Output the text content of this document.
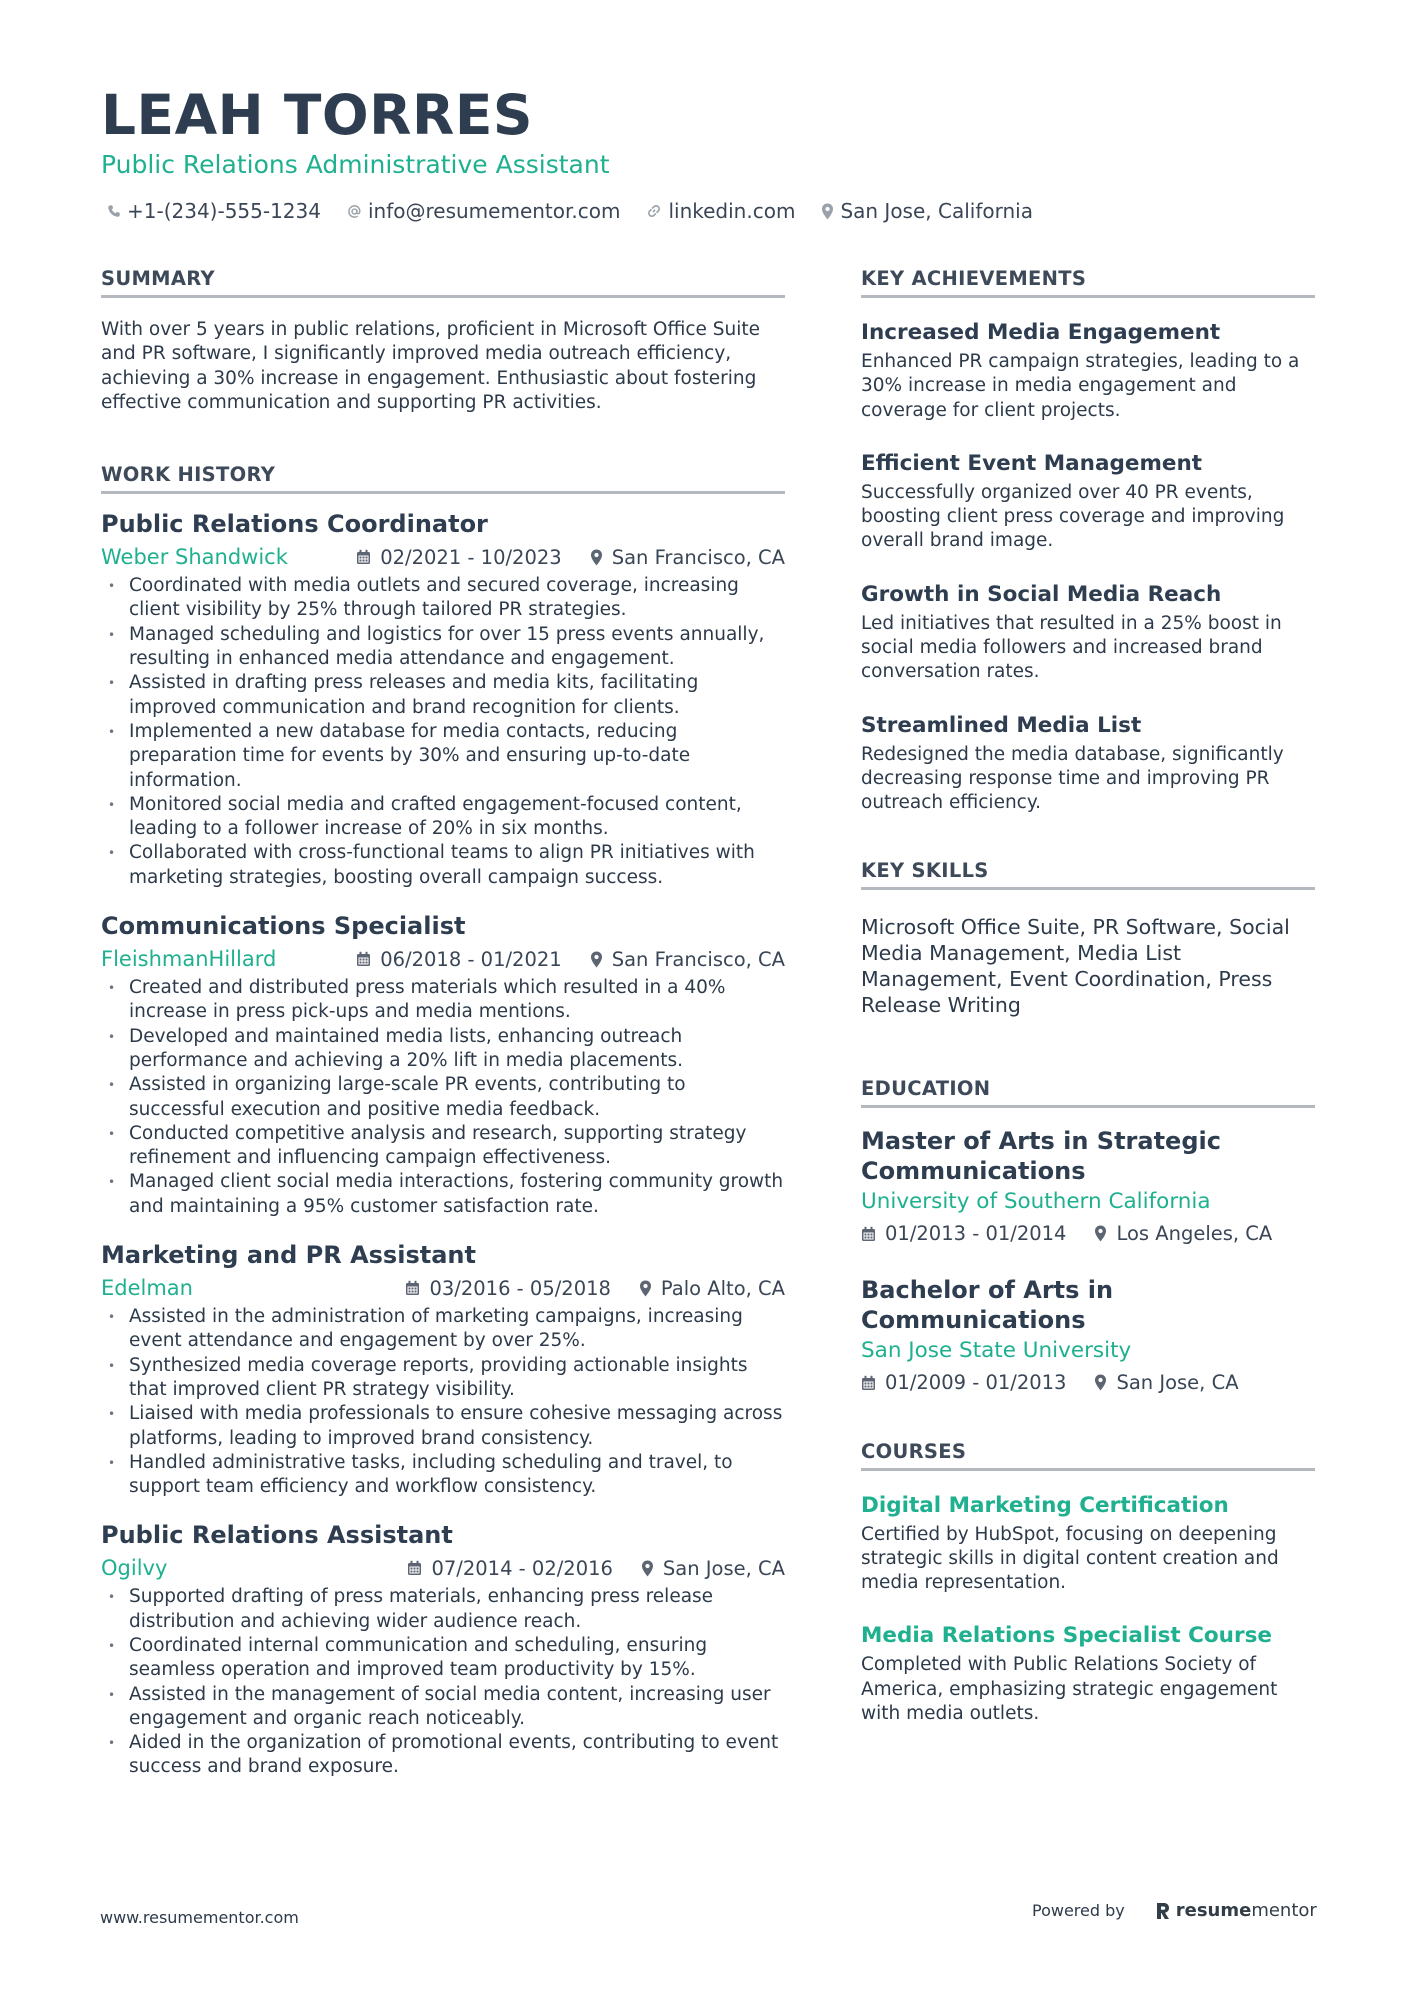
LEAH TORRES
Public Relations Administrative Assistant
+1-(234)-555-1234 info@resumementor.com linkedin.com San Jose, California
SUMMARY

With over 5 years in public relations, proficient in Microsoft Office Suite and PR software, I significantly improved media outreach efficiency, achieving a 30% increase in engagement. Enthusiastic about fostering effective communication and supporting PR activities.

WORK HISTORY
Public Relations Coordinator
Weber Shandwick	02/2021 - 10/2023	San Francisco, CA
• Coordinated with media outlets and secured coverage, increasing client visibility by 25% through tailored PR strategies.
• Managed scheduling and logistics for over 15 press events annually, resulting in enhanced media attendance and engagement.
• Assisted in drafting press releases and media kits, facilitating improved communication and brand recognition for clients.
• Implemented a new database for media contacts, reducing preparation time for events by 30% and ensuring up-to-date information.
• Monitored social media and crafted engagement-focused content, leading to a follower increase of 20% in six months.
• Collaborated with cross-functional teams to align PR initiatives with marketing strategies, boosting overall campaign success.
Communications Specialist
FleishmanHillard	06/2018 - 01/2021	San Francisco, CA
• Created and distributed press materials which resulted in a 40% increase in press pick-ups and media mentions.
• Developed and maintained media lists, enhancing outreach performance and achieving a 20% lift in media placements.
• Assisted in organizing large-scale PR events, contributing to successful execution and positive media feedback.
• Conducted competitive analysis and research, supporting strategy refinement and influencing campaign effectiveness.
• Managed client social media interactions, fostering community growth and maintaining a 95% customer satisfaction rate.
Marketing and PR Assistant
Edelman	03/2016 - 05/2018	Palo Alto, CA
• Assisted in the administration of marketing campaigns, increasing event attendance and engagement by over 25%.
• Synthesized media coverage reports, providing actionable insights that improved client PR strategy visibility.
• Liaised with media professionals to ensure cohesive messaging across platforms, leading to improved brand consistency.
• Handled administrative tasks, including scheduling and travel, to support team efficiency and workflow consistency.
Public Relations Assistant
Ogilvy	07/2014 - 02/2016	San Jose, CA
• Supported drafting of press materials, enhancing press release distribution and achieving wider audience reach.
• Coordinated internal communication and scheduling, ensuring seamless operation and improved team productivity by 15%.
• Assisted in the management of social media content, increasing user engagement and organic reach noticeably.
• Aided in the organization of promotional events, contributing to event success and brand exposure.
KEY ACHIEVEMENTS
Increased Media Engagement

Enhanced PR campaign strategies, leading to a 30% increase in media engagement and coverage for client projects.

Efficient Event Management

Successfully organized over 40 PR events, boosting client press coverage and improving overall brand image.

Growth in Social Media Reach

Led initiatives that resulted in a 25% boost in social media followers and increased brand conversation rates.

Streamlined Media List

Redesigned the media database, significantly decreasing response time and improving PR outreach efficiency.

KEY SKILLS

Microsoft Office Suite, PR Software, Social Media Management, Media List Management, Event Coordination, Press Release Writing

EDUCATION
Master of Arts in Strategic Communications
University of Southern California
01/2013 - 01/2014	Los Angeles, CA
Bachelor of Arts in Communications
San Jose State University
01/2009 - 01/2013	San Jose, CA
COURSES
Digital Marketing Certification

Certified by HubSpot, focusing on deepening strategic skills in digital content creation and media representation.

Media Relations Specialist Course

Completed with Public Relations Society of America, emphasizing strategic engagement with media outlets.

www.resumementor.com	Powered by	resume mentor
